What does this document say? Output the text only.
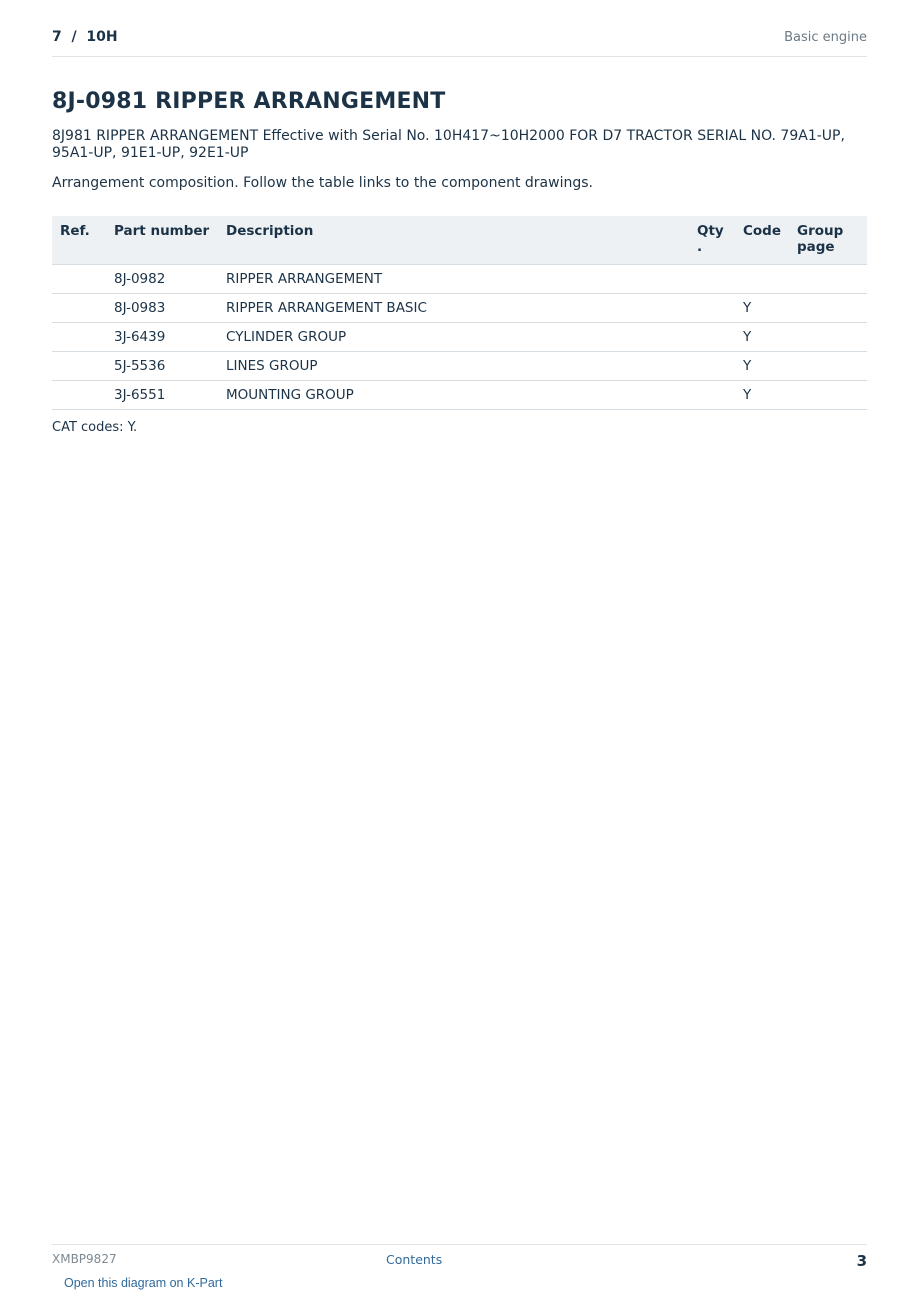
7  /  10H	Basic engine
8J-0981 RIPPER ARRANGEMENT
8J981 RIPPER ARRANGEMENT Effective with Serial No. 10H417~10H2000 FOR D7 TRACTOR SERIAL NO. 79A1-UP, 95A1-UP, 91E1-UP, 92E1-UP
Arrangement composition. Follow the table links to the component drawings.
Ref.	Part number	Description	Qty .	Code	Group page
	8J-0982	RIPPER ARRANGEMENT			
	8J-0983	RIPPER ARRANGEMENT BASIC		Y	
	3J-6439	CYLINDER GROUP		Y	
	5J-5536	LINES GROUP		Y	
	3J-6551	MOUNTING GROUP		Y	
CAT codes: Y.
XMBP9827	Contents	3
Open this diagram on K-Part
